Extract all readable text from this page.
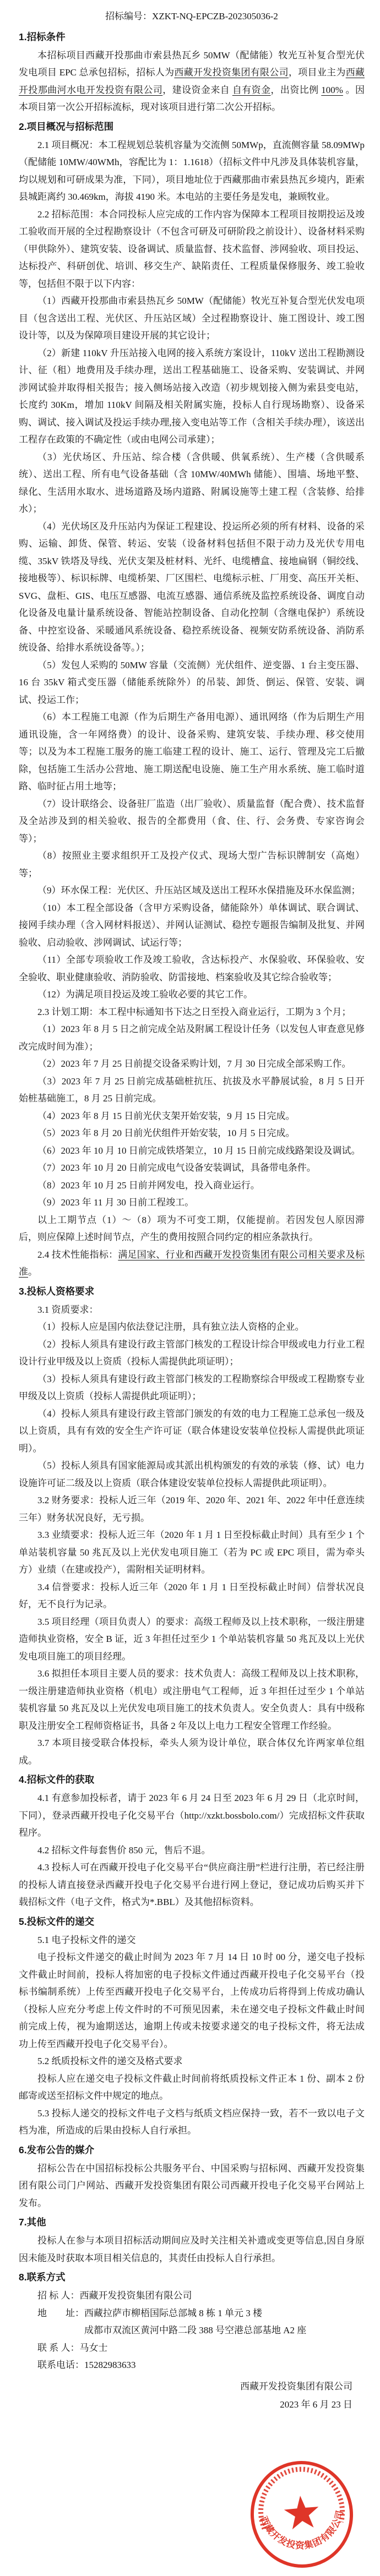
招标编号：XZKT-NQ-EPCZB-202305036-2
1.招标条件
本招标项目西藏开投那曲市索县热瓦乡 50MW（配储能）牧光互补复合型光伏发电项目 EPC 总承包招标，招标人为西藏开发投资集团有限公司，项目业主为西藏开投那曲河水电开发投资有限公司，建设资金来自 自有资金，出资比例 100% 。因本项目第一次公开招标流标，现对该项目进行第二次公开招标。
2.项目概况与招标范围
2.1 项目概况：本工程规划总装机容量为交流侧 50MWp，直流侧容量 58.09MWp（配储能 10MW/40WMh，容配比为 1：1.1618）（招标文件中凡涉及具体装机容量，均以规划和可研成果为准，下同），项目地址位于西藏那曲市索县热瓦乡境内，距索县城距离约 30.469km，海拔 4190 米。本电站的主要任务是发电，兼顾牧业。
2.2 招标范围：本合同投标人应完成的工作内容为保障本工程项目按期投运及竣工验收而开展的全过程勘察设计（不包含可研及可研阶段之前设计）、设备材料采购（甲供除外）、建筑安装、设备调试、质量监督、技术监督、涉网验收、项目投运、达标投产、科研创优、培训、移交生产、缺陷责任、工程质量保修服务、竣工验收等，包括但不限于以下内容：
（1）西藏开投那曲市索县热瓦乡 50MW（配储能）牧光互补复合型光伏发电项目（包含送出工程、光伏区、升压站区域）全过程勘察设计、施工图设计、竣工图设计等，以及为保障项目建设开展的其它设计；
（2）新建 110kV 升压站接入电网的接入系统方案设计，110kV 送出工程勘测设计、征（租）地费用及手续办理，送出工程基础施工、设备采购、安装调试、并网涉网试验并取得相关报告；接入侧场站接入改造（初步规划接入侧为索县变电站，长度约 30Km，增加 110kV 间隔及相关附属实施，投标人自行现场勘察）、设备采购、调试、接入调试及投运手续办理,接入变电站等工作（含相关手续办理），该送出工程存在政策的不确定性（或由电网公司承建）；
（3）光伏场区、升压站、综合楼（含供暖、供氧系统）、生产楼（含供暖系统）、送出工程、所有电气设备基础（含 10MW/40MWh 储能）、围墙、场地平整、绿化、生活用水取水、进场道路及场内道路、附属设施等土建工程（含装修、给排水）；
（4）光伏场区及升压站内为保证工程建设、投运所必须的所有材料、设备的采购、运输、卸货、保管、转运、安装（设备材料包括但不限于动力及光伏专用电缆、35kV 铁塔及导线、光伏支架及桩材料、光纤、电缆槽盒、接地扁钢（铜绞线、接地极等）、标识标牌、电缆桥架、厂区围栏、电缆标示桩、厂用变、高压开关柜、SVG、盘柜、GIS、电压互感器、电流互感器、通信系统及监控系统设备、调度自动化设备及电量计量系统设备、智能站控制设备、自动化控制（含继电保护）系统设备、中控室设备、采暖通风系统设备、稳控系统设备、视频安防系统设备、消防系统设备、给排水系统设备等。）；
（5）发包人采购的 50MW 容量（交流侧）光伏组件、逆变器、1 台主变压器、16 台 35kV 箱式变压器（储能系统除外）的吊装、卸货、倒运、保管、安装、调试、投运工作；
（6）本工程施工电源（作为后期生产备用电源）、通讯网络（作为后期生产用通讯设施，含一年网络费）的设计、设备采购、建筑安装、手续办理、移交使用等；以及为本工程施工服务的施工临建工程的设计、施工、运行、管理及完工后撤除，包括施工生活办公营地、施工期送配电设施、施工生产用水系统、施工临时道路、临时征占用土地等；
（7）设计联络会、设备驻厂监造（出厂验收）、质量监督（配合费）、技术监督及全站涉及到的相关验收、报告的全都费用（食、住、行、会务费、专家咨询会等）；
（8）按照业主要求组织开工及投产仪式、现场大型广告标识牌制安（高炮）等；
（9）环水保工程：光伏区、升压站区域及送出工程环水保措施及环水保监测；
（10）本工程全部设备（含甲方采购设备，储能除外）单体调试、联合调试、接网手续办理（含入网材料报送）、并网认证测试、稳控专题报告编制及批复、并网验收、启动验收、涉网调试、试运行等；
（11）全部专项验收工作及竣工验收，含达标投产、水保验收、环保验收、安全验收、职业健康验收、消防验收、防雷接地、档案验收及其它综合验收等；
（12）为满足项目投运及竣工验收必要的其它工作。
2.3 计划工期：本工程中标通知书下达之日至投入商业运行，工期为 3 个月；
（1）2023 年 8 月 5 日之前完成全站及附属工程设计任务（以发包人审查意见修改完成时间为准）；
（2）2023 年 7 月 25 日前提交设备采购计划，7 月 30 日完成全部采购工作。
（3）2023 年 7 月 25 日前完成基础桩抗压、抗拔及水平静展试验，8 月 5 日开始桩基础施工，8 月 25 日前完成。
（4）2023 年 8 月 15 日前光伏支架开始安装，9 月 15 日完成。
（5）2023 年 8 月 20 日前光伏组件开始安装，10 月 5 日完成。
（6）2023 年 10 月 10 日前完成铁塔架立，10 月 15 日前完成线路架设及调试。
（7）2023 年 10 月 20 日前完成电气设备安装调试，具备带电条件。
（8）2023 年 10 月 25 日前并网发电，投入商业运行。
（9）2023 年 11 月 30 日前工程竣工。
以上工期节点（1）～（8）项为不可变工期，仅能提前。若因发包人原因滞后，则应保障上述时间节点，产生的费用按照合同约定的相应条款执行。
2.4 技术性能指标：满足国家、行业和西藏开发投资集团有限公司相关要求及标准。
3.投标人资格要求
3.1 资质要求：
（1）投标人应是国内依法登记注册，具有独立法人资格的企业。
（2）投标人须具有建设行政主管部门核发的工程设计综合甲级或电力行业工程设计行业甲级及以上资质（投标人需提供此项证明）；
（3）投标人须具有建设行政主管部门核发的工程勘察综合甲级或工程勘察专业甲级及以上资质（投标人需提供此项证明）；
（4）投标人须具有建设行政主管部门颁发的有效的电力工程施工总承包一级及以上资质，具有有效的安全生产许可证（联合体建设安装单位投标人需提供此项证明）。
（5）投标人须具有国家能源局或其派出机构颁发的有效的承装（修、试）电力设施许可证二级及以上资质（联合体建设安装单位投标人需提供此项证明）。
3.2 财务要求：投标人近三年（2019 年、2020 年、2021 年、2022 年中任意连续三年）财务状况良好，无亏损。
3.3 业绩要求：投标人近三年（2020 年 1 月 1 日至投标截止时间）具有至少 1 个单站装机容量 50 兆瓦及以上光伏发电项目施工（若为 PC 或 EPC 项目，需为牵头方）业绩（在建或投产），需附相关证明材料。
3.4 信誉要求：投标人近三年（2020 年 1 月 1 日至投标截止时间）信誉状况良好，无不良行为记录。
3.5 项目经理（项目负责人）的要求：高级工程师及以上技术职称，一级注册建造师执业资格，安全 B 证，近 3 年担任过至少 1 个单站装机容量 50 兆瓦及以上光伏发电项目施工的项目经理。
3.6 拟担任本项目主要人员的要求：技术负责人：高级工程师及以上技术职称，一级注册建造师执业资格（机电）或注册电气工程师，近 3 年担任过至少 1 个单站装机容量 50 兆瓦及以上光伏发电项目施工的技术负责人。安全负责人：具有中级称职及注册安全工程师资格证书，具备 2 年及以上电力工程安全管理工作经验。
3.7 本项目接受联合体投标，牵头人须为设计单位，联合体仅允许两家单位组成。
4.招标文件的获取
4.1 有意参加投标者，请于 2023 年 6 月 24 日至 2023 年 6 月 29 日（北京时间，下同），登录西藏开投电子化交易平台（http://xzkt.bossbolo.com/）完成招标文件获取程序。
4.2 招标文件每套售价 850 元，售后不退。
4.3 投标人可在西藏开投电子化交易平台“供应商注册”栏进行注册，若已经注册的投标人请直接登录西藏开投电子化交易平台进行网上登记，登记成功后购买并下载招标文件（电子文件，格式为*.BBL）及其他招标资料。
5.投标文件的递交
5.1 电子投标文件的递交
电子投标文件递交的截止时间为 2023 年 7 月 14 日 10 时 00 分，递交电子投标文件截止时间前，投标人将加密的电子投标文件通过西藏开投电子化交易平台（投标书编制系统）上传至西藏开投电子化交易平台，上传成功后将得到上传成功确认（投标人应充分考虑上传文件时的不可预见因素，未在递交电子投标文件截止时间前完成上传，视为逾期送达，逾期上传或未按要求递交的电子投标文件，将无法成功上传至西藏开投电子化交易平台）。
5.2 纸质投标文件的递交及格式要求
投标人应在递交电子投标文件截止时间前将纸质投标文件正本 1 份、副本 2 份邮寄或送至招标文件中规定的地点。
5.3 投标人递交的投标文件电子文档与纸质文档应保持一致，若不一致以电子文档为准，所造成的后果由投标人自行承担。
6.发布公告的媒介
招标公告在中国招标投标公共服务平台、中国采购与招标网、西藏开发投资集团有限公司门户网站、西藏开发投资集团有限公司西藏开投电子化交易平台网站上发布。
7.其他
投标人在参与本项目招标活动期间应及时关注相关补遗或变更等信息,因自身原因未能及时获取本项目相关信息的，其责任由投标人自行承担。
8.联系方式
招 标 人：西藏开发投资集团有限公司
地　　址：西藏拉萨市柳梧国际总部城 8 栋 1 单元 3 楼
成都市双流区黄河中路二段 388 号空港总部基地 A2 座
联 系 人：马女士
联系电话：15282983633
西藏开发投资集团有限公司
2023 年 6 月 23 日
西藏开发投资集团有限公司
